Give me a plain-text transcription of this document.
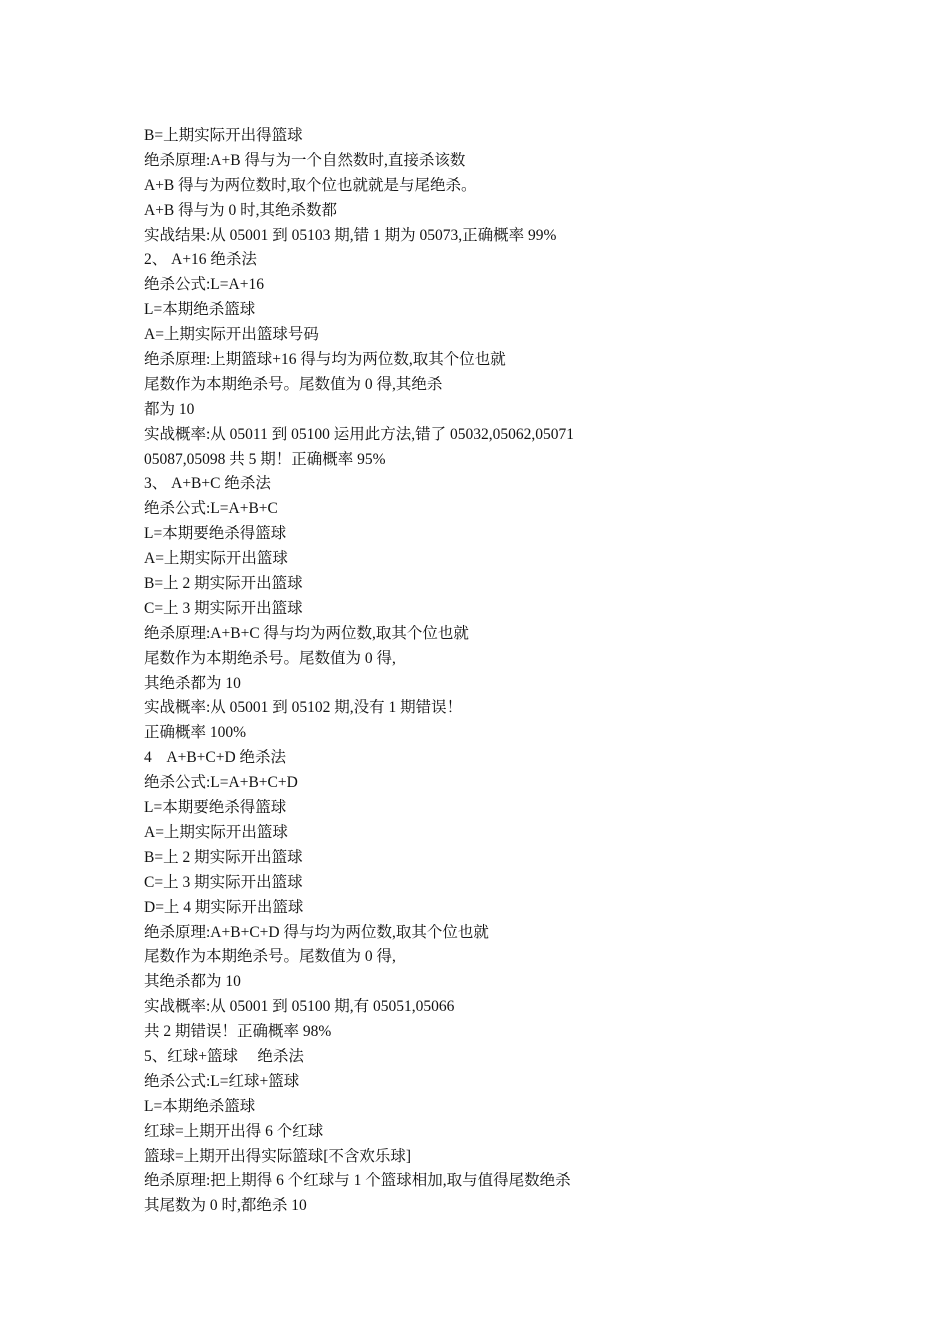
B=上期实际开出得篮球
绝杀原理:A+B 得与为一个自然数时,直接杀该数
A+B 得与为两位数时,取个位也就就是与尾绝杀。
A+B 得与为 0 时,其绝杀数都
实战结果:从 05001 到 05103 期,错 1 期为 05073,正确概率 99%
2、 A+16 绝杀法
绝杀公式:L=A+16
L=本期绝杀篮球
A=上期实际开出篮球号码
绝杀原理:上期篮球+16 得与均为两位数,取其个位也就
尾数作为本期绝杀号。尾数值为 0 得,其绝杀
都为 10
实战概率:从 05011 到 05100 运用此方法,错了 05032,05062,05071
05087,05098 共 5 期！正确概率 95%
3、 A+B+C 绝杀法
绝杀公式:L=A+B+C
L=本期要绝杀得篮球
A=上期实际开出篮球
B=上 2 期实际开出篮球
C=上 3 期实际开出篮球
绝杀原理:A+B+C 得与均为两位数,取其个位也就
尾数作为本期绝杀号。尾数值为 0 得,
其绝杀都为 10
实战概率:从 05001 到 05102 期,没有 1 期错误！
正确概率 100%
4    A+B+C+D 绝杀法
绝杀公式:L=A+B+C+D
L=本期要绝杀得篮球
A=上期实际开出篮球
B=上 2 期实际开出篮球
C=上 3 期实际开出篮球
D=上 4 期实际开出篮球
绝杀原理:A+B+C+D 得与均为两位数,取其个位也就
尾数作为本期绝杀号。尾数值为 0 得,
其绝杀都为 10
实战概率:从 05001 到 05100 期,有 05051,05066
共 2 期错误！正确概率 98%
5、红球+篮球     绝杀法
绝杀公式:L=红球+篮球
L=本期绝杀篮球
红球=上期开出得 6 个红球
篮球=上期开出得实际篮球[不含欢乐球]
绝杀原理:把上期得 6 个红球与 1 个篮球相加,取与值得尾数绝杀
其尾数为 0 时,都绝杀 10
